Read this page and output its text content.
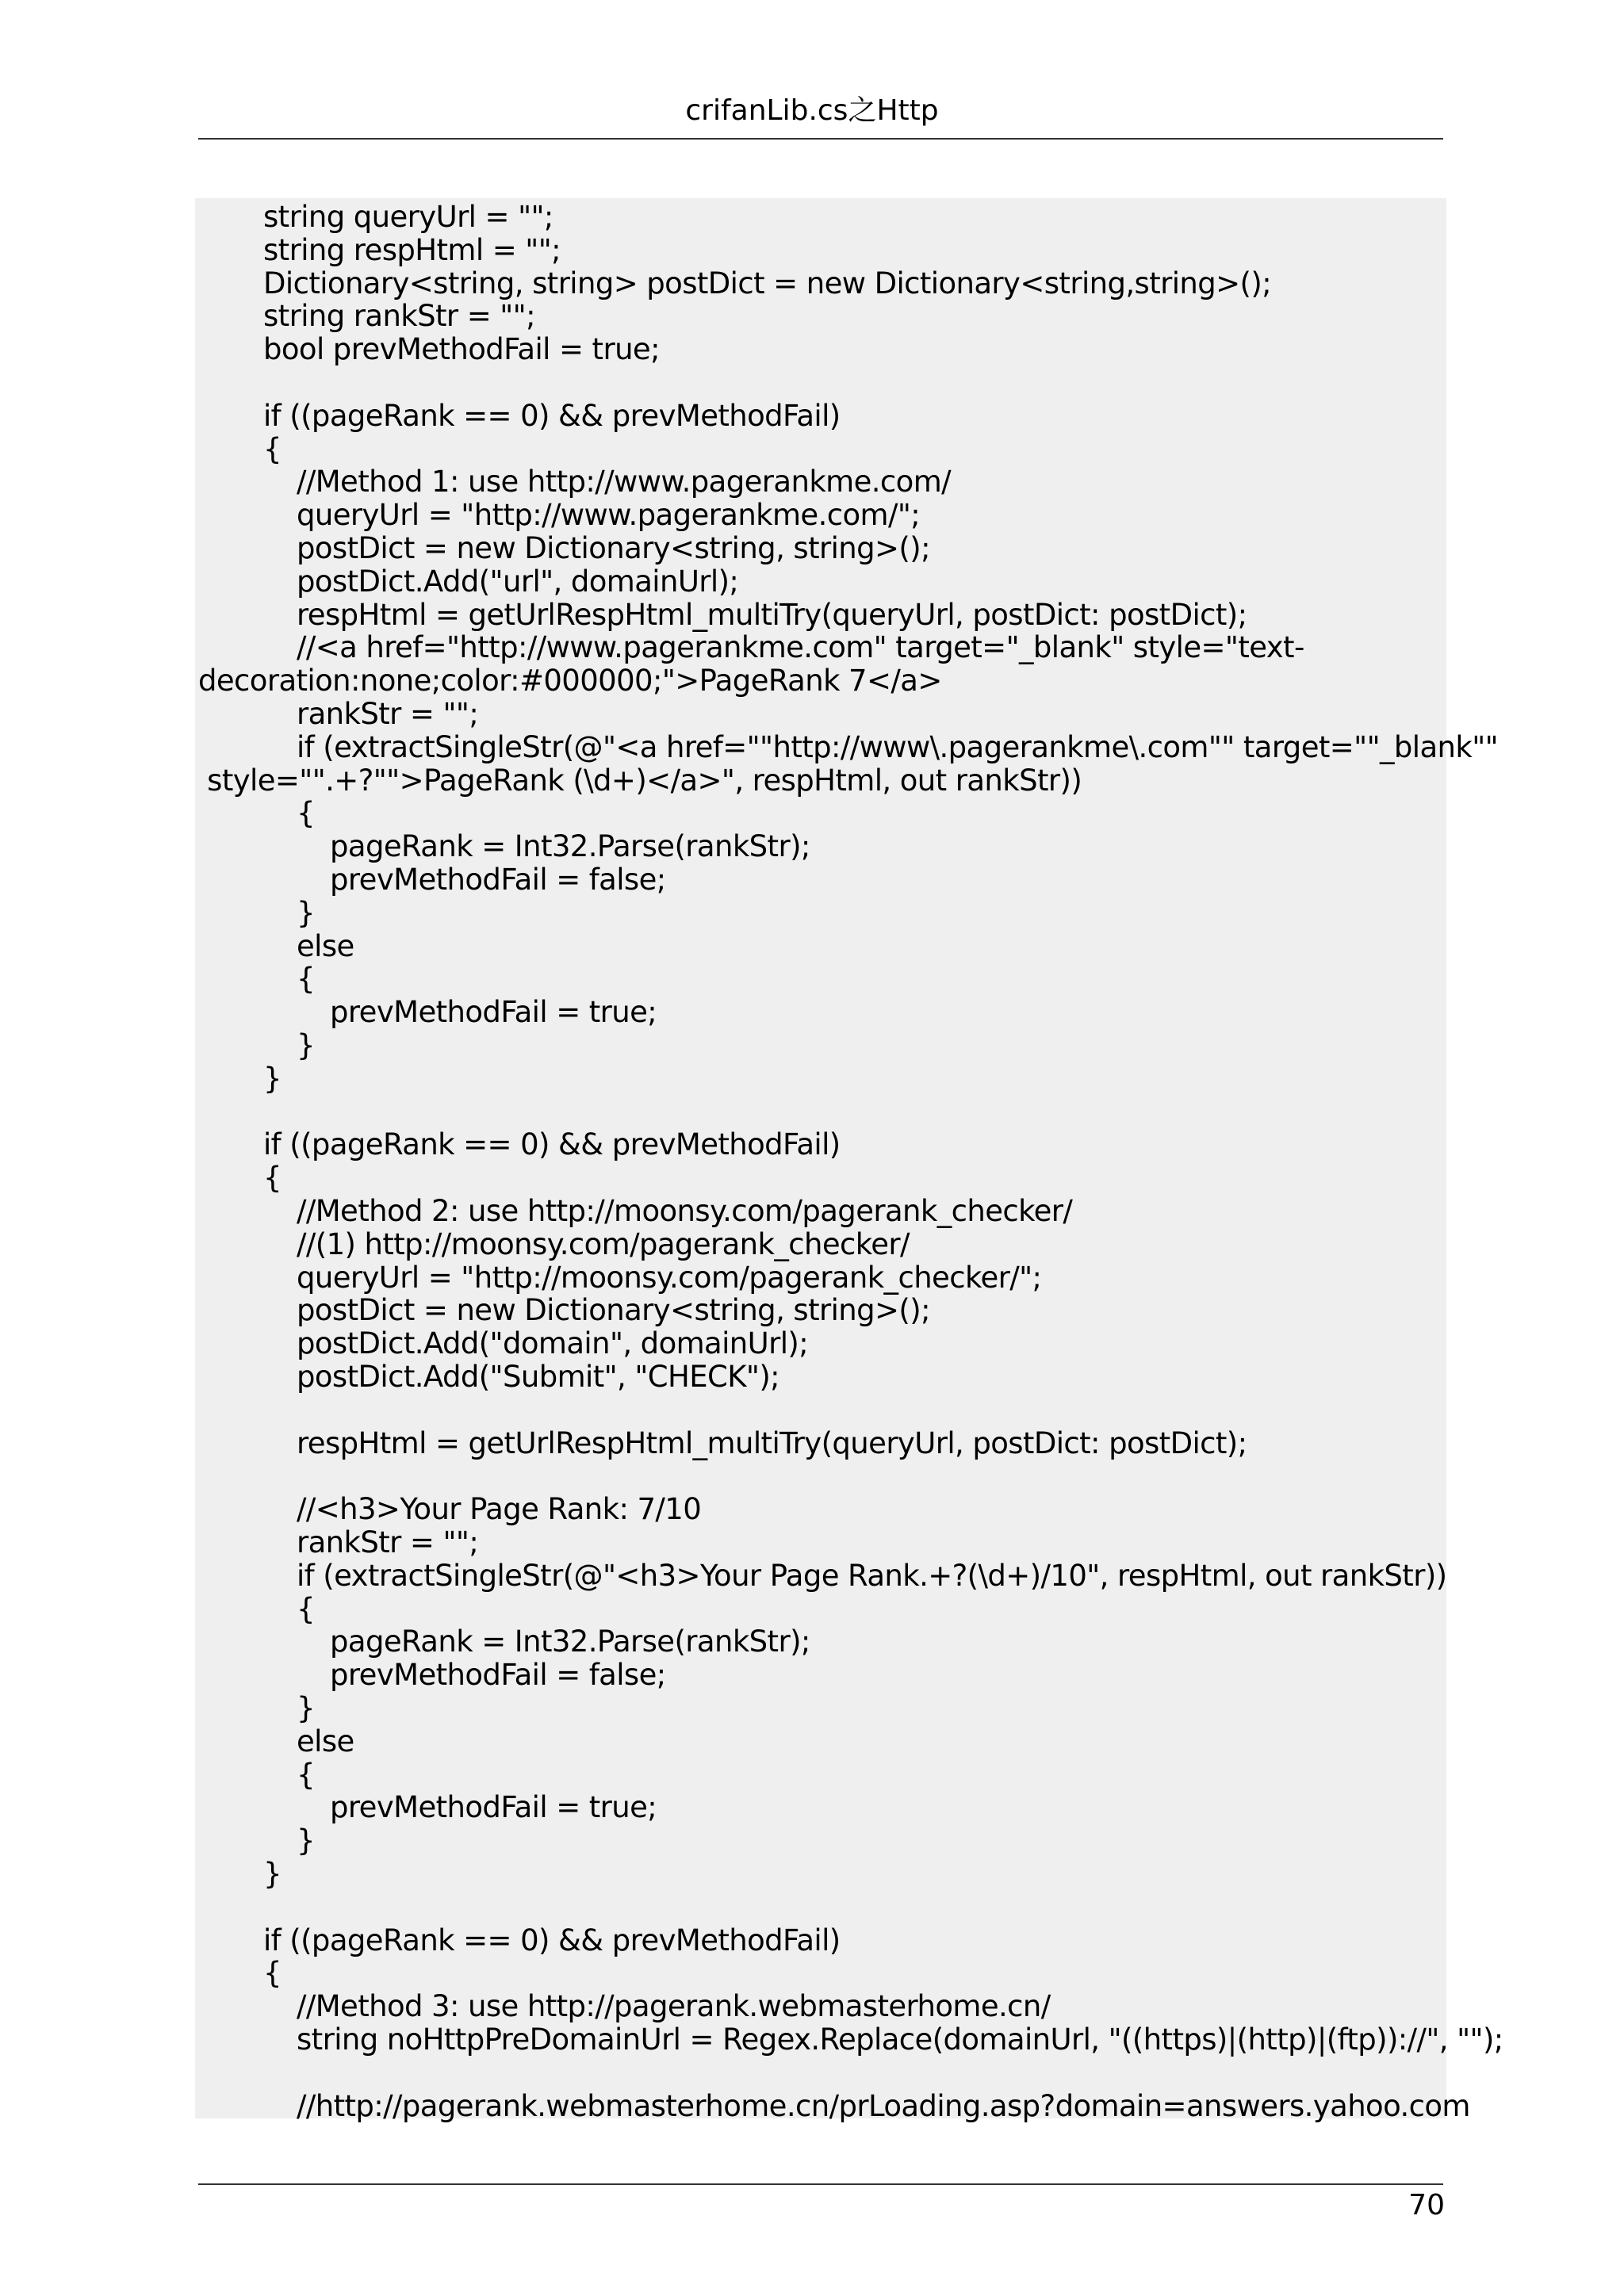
crifanLib.cs之Http
string queryUrl = "";
string respHtml = "";
Dictionary<string, string> postDict = new Dictionary<string,string>();
string rankStr = "";
bool prevMethodFail = true;
if ((pageRank == 0) && prevMethodFail)
{
//Method 1: use http://www.pagerankme.com/
queryUrl = "http://www.pagerankme.com/";
postDict = new Dictionary<string, string>();
postDict.Add("url", domainUrl);
respHtml = getUrlRespHtml_multiTry(queryUrl, postDict: postDict);
//<a href="http://www.pagerankme.com" target="_blank" style="text-
decoration:none;color:#000000;">PageRank 7</a>
rankStr = "";
if (extractSingleStr(@"<a href=""http://www\.pagerankme\.com"" target=""_blank""
style="".+?"">PageRank (\d+)</a>", respHtml, out rankStr))
{
pageRank = Int32.Parse(rankStr);
prevMethodFail = false;
}
else
{
prevMethodFail = true;
}
}
if ((pageRank == 0) && prevMethodFail)
{
//Method 2: use http://moonsy.com/pagerank_checker/
//(1) http://moonsy.com/pagerank_checker/
queryUrl = "http://moonsy.com/pagerank_checker/";
postDict = new Dictionary<string, string>();
postDict.Add("domain", domainUrl);
postDict.Add("Submit", "CHECK");
respHtml = getUrlRespHtml_multiTry(queryUrl, postDict: postDict);
//<h3>Your Page Rank: 7/10
rankStr = "";
if (extractSingleStr(@"<h3>Your Page Rank.+?(\d+)/10", respHtml, out rankStr))
{
pageRank = Int32.Parse(rankStr);
prevMethodFail = false;
}
else
{
prevMethodFail = true;
}
}
if ((pageRank == 0) && prevMethodFail)
{
//Method 3: use http://pagerank.webmasterhome.cn/
string noHttpPreDomainUrl = Regex.Replace(domainUrl, "((https)|(http)|(ftp))://", "");
//http://pagerank.webmasterhome.cn/prLoading.asp?domain=answers.yahoo.com
70
